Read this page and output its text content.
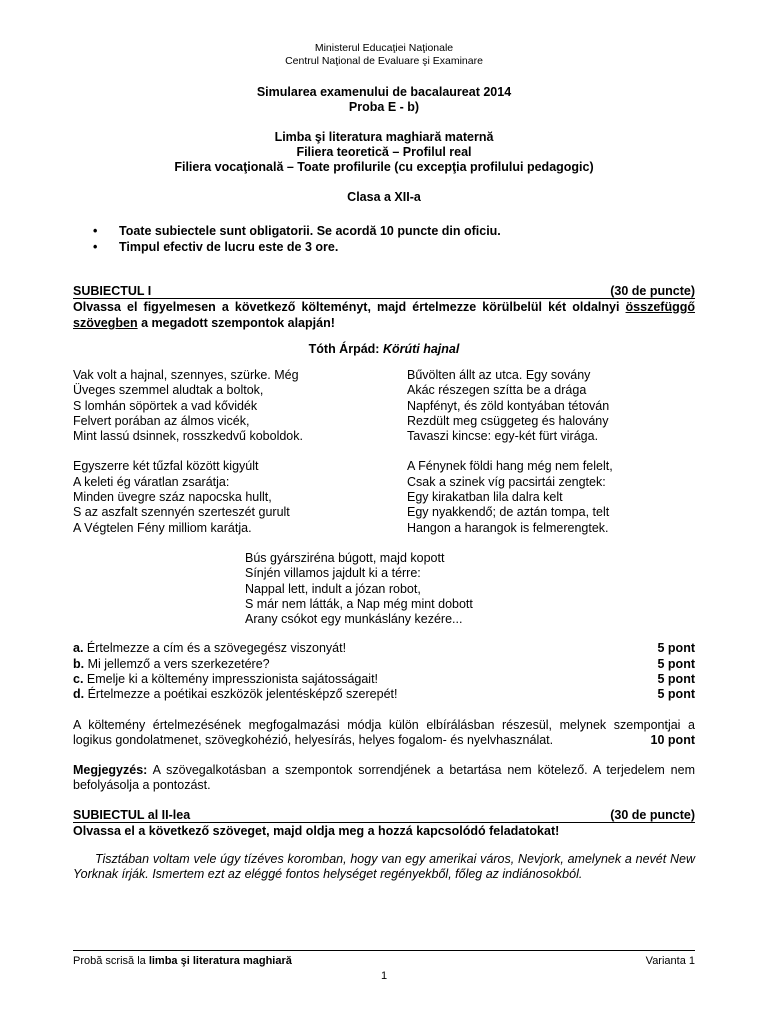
Ministerul Educaţiei Naţionale
Centrul Naţional de Evaluare şi Examinare
Simularea examenului de bacalaureat 2014
Proba E - b)
Limba şi literatura maghiară maternă
Filiera teoretică – Profilul real
Filiera vocaţională – Toate profilurile (cu excepţia profilului pedagogic)
Clasa a XII-a
• Toate subiectele sunt obligatorii. Se acordă 10 puncte din oficiu.
• Timpul efectiv de lucru este de 3 ore.
SUBIECTUL I	(30 de puncte)
Olvassa el figyelmesen a következő költeményt, majd értelmezze körülbelül két oldalnyi összefüggő szövegben a megadott szempontok alapján!
Tóth Árpád: Körúti hajnal
Vak volt a hajnal, szennyes, szürke. Még
Üveges szemmel aludtak a boltok,
S lomhán söpörtek a vad kővidék
Felvert porában az álmos vicék,
Mint lassú dsinnek, rosszkedvű koboldok.
Egyszerre két tűzfal között kigyúlt
A keleti ég váratlan zsarátja:
Minden üvegre száz napocska hullt,
S az aszfalt szennyén szerteszét gurult
A Végtelen Fény milliom karátja.
Bűvölten állt az utca. Egy sovány
Akác részegen szítta be a drága
Napfényt, és zöld kontyában tétován
Rezdült meg csüggeteg és halovány
Tavaszi kincse: egy-két fürt virága.
A Fénynek földi hang még nem felelt,
Csak a szinek víg pacsirtái zengtek:
Egy kirakatban lila dalra kelt
Egy nyakkendő; de aztán tompa, telt
Hangon a harangok is felmerengtek.
Bús gyársziréna búgott, majd kopott
Sínjén villamos jajdult ki a térre:
Nappal lett, indult a józan robot,
S már nem látták, a Nap még mint dobott
Arany csókot egy munkáslány kezére...
a. Értelmezze a cím és a szövegegész viszonyát!	5 pont
b. Mi jellemző a vers szerkezetére?	5 pont
c. Emelje ki a költemény impresszionista sajátosságait!	5 pont
d. Értelmezze a poétikai eszközök jelentésképző szerepét!	5 pont
A költemény értelmezésének megfogalmazási módja külön elbírálásban részesül, melynek szempontjai a logikus gondolatmenet, szövegkohézió, helyesírás, helyes fogalom- és nyelvhasználat.	10 pont
Megjegyzés: A szövegalkotásban a szempontok sorrendjének a betartása nem kötelező. A terjedelem nem befolyásolja a pontozást.
SUBIECTUL al II-lea	(30 de puncte)
Olvassa el a következő szöveget, majd oldja meg a hozzá kapcsolódó feladatokat!
Tisztában voltam vele úgy tízéves koromban, hogy van egy amerikai város, Nevjork, amelynek a nevét New Yorknak írják. Ismertem ezt az eléggé fontos helységet regényekből, főleg az indiánosokból.
Probă scrisă la limba şi literatura maghiară	Varianta 1
1
